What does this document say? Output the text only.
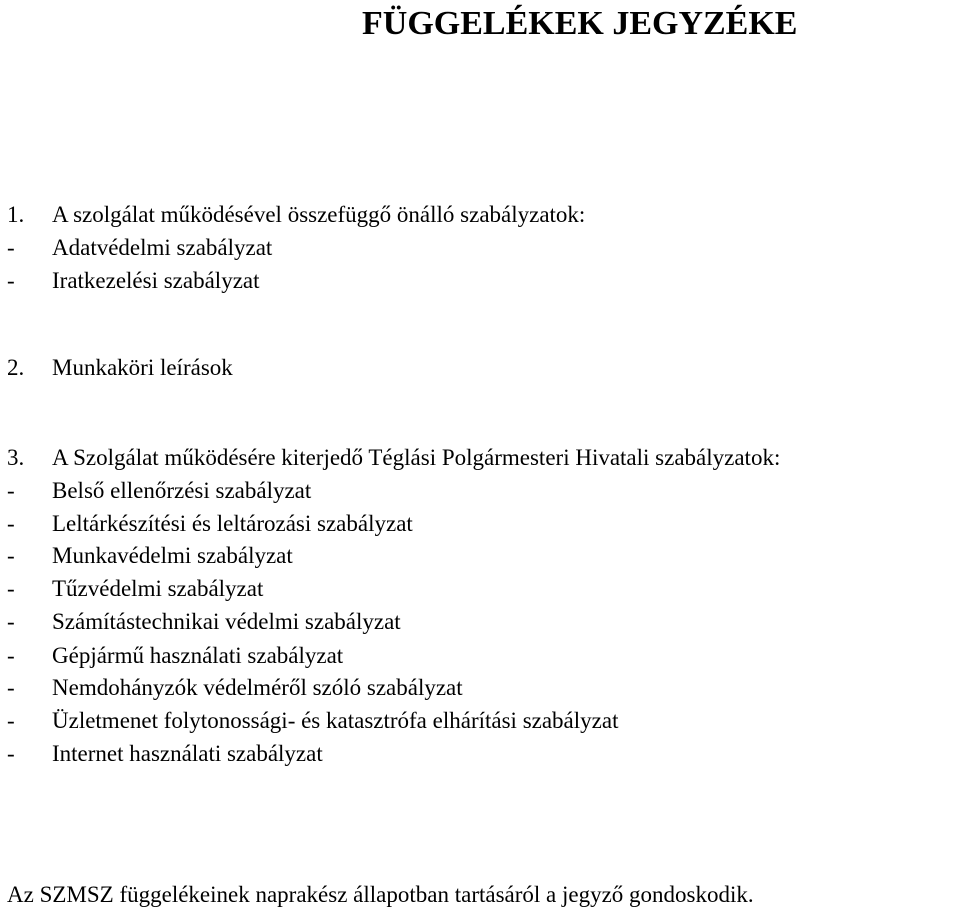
FÜGGELÉKEK JEGYZÉKE
1. A szolgálat működésével összefüggő önálló szabályzatok:
- Adatvédelmi szabályzat
- Iratkezelési szabályzat
2. Munkaköri leírások
3. A Szolgálat működésére kiterjedő Téglási Polgármesteri Hivatali szabályzatok:
- Belső ellenőrzési szabályzat
- Leltárkészítési és leltározási szabályzat
- Munkavédelmi szabályzat
- Tűzvédelmi szabályzat
- Számítástechnikai védelmi szabályzat
- Gépjármű használati szabályzat
- Nemdohányzók védelméről szóló szabályzat
- Üzletmenet folytonossági- és katasztrófa elhárítási szabályzat
- Internet használati szabályzat
Az SZMSZ függelékeinek naprakész állapotban tartásáról a jegyző gondoskodik.
